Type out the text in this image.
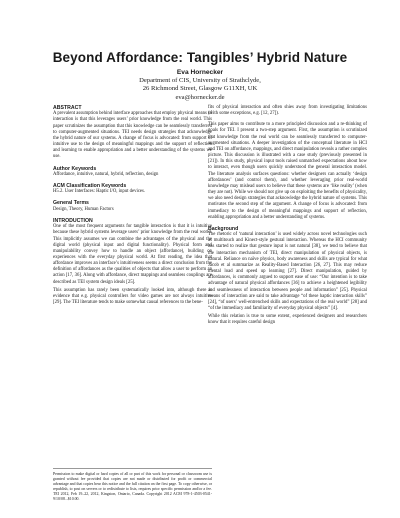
Beyond Affordance: Tangibles’ Hybrid Nature
Eva Hornecker
Department of CIS, University of Strathclyde,
26 Richmond Street, Glasgow G11XH, UK
eva@hornecker.de
ABSTRACT

A prevalent assumption behind interface approaches that employ physical means of interaction is that this leverages users’ prior knowledge from the real world. This paper scrutinizes the assumption that this knowledge can be seamlessly transferred to computer-augmented situations. TEI needs design strategies that acknowledge the hybrid nature of our systems. A change of focus is advocated: from support of intuitive use to the design of meaningful mappings and the support of reflection and learning to enable appropriation and a better understanding of the systems we use.

Author Keywords

Affordance, intuitive, natural, hybrid, reflection, design

ACM Classification Keywords

H5.2. User Interfaces: Haptic I/O, input devices.

General Terms

Design, Theory, Human Factors

INTRODUCTION

One of the most frequent arguments for tangible interaction is that it is intuitive because these hybrid systems leverage users’ prior knowledge from the real world. This implicitly assumes we can combine the advantages of the physical and the digital world (physical input and digital functionality). Physical form and manipulability convey how to handle an object (affordance), building on experiences with the everyday physical world. At first reading, the idea that affordance improves an interface’s intuitiveness seems a direct conclusion from the definition of affordances as the qualities of objects that allow a user to perform an action [17, 36]. Along with affordance, direct mappings and seamless couplings are described as TEI system design ideals [25].

This assumption has rarely been systematically looked into, although there is evidence that e.g. physical controllers for video games are not always intuitive [29]. The TEI literature tends to make somewhat causal references to the bene-

fits of physical interaction and often shies away from investigating limitations (with some exceptions, e.g. [12, 27]).

This paper aims to contribute to a more principled discussion and a re-thinking of goals for TEI. I present a two-step argument. First, the assumption is scrutinized that knowledge from the real world can be seamlessly transferred to computer-augmented situations. A deeper investigation of the conceptual literature in HCI and TEI on affordance, mappings, and direct manipulation reveals a rather complex picture. This discussion is illustrated with a case study (previously presented in [21]). In this study, physical input tools raised unmatched expectations about how to interact, even though users quickly understood the general interaction model. The literature analysis surfaces questions: whether designers can actually ‘design affordances’ (and control them), and whether leveraging prior real-world knowledge may mislead users to believe that these systems are ‘like reality’ (when they are not). While we should not give up on exploiting the benefits of physicality, we also need design strategies that acknowledge the hybrid nature of systems. This motivates the second step of the argument. A change of focus is advocated: from immediacy to the design of meaningful mappings and support of reflection, enabling appropriation and a better understanding of systems.

Background

The rhetoric of ‘natural interaction’ is used widely across novel technologies such as multitouch and Kinect-style gestural interaction. Whereas the HCI community has started to realize that gesture input is not natural [38], we tend to believe that the interaction mechanism of TEI, direct manipulation of physical objects, is natural. Reliance on naïve physics, body awareness and skills are typical for what Jacob et al summarize as Reality-Based Interaction [26, 27]. This may reduce mental load and speed up learning [27]. Direct manipulation, guided by affordances, is commonly argued to support ease of use: “Our intention is to take advantage of natural physical affordances [36] to achieve a heightened legibility and seamlessness of interaction between people and information” [25]. Physical means of interaction are said to take advantage “of these haptic interaction skills” [24], “of users’ well-entrenched skills and expectations of the real world” [28] and “of the immediacy and familiarity of everyday physical objects” [4].

While this relation is true to some extent, experienced designers and researchers know that it requires careful design

Permission to make digital or hard copies of all or part of this work for personal or classroom use is granted without fee provided that copies are not made or distributed for profit or commercial advantage and that copies bear this notice and the full citation on the first page. To copy otherwise, or republish, to post on servers or to redistribute to lists, requires prior specific permission and/or a fee. TEI 2012, Feb 19–22, 2012, Kingston, Ontario, Canada. Copyright 2012 ACM 978-1-4503-0541-9/10/08...$10.00.
